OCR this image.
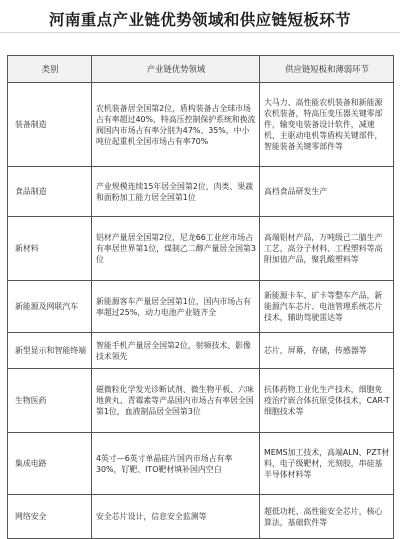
河南重点产业链优势领域和供应链短板环节
类别	产业链优势领域	供应链短板和薄弱环节
装备制造	农机装备居全国第2位，盾构装备占全球市场占有率超过40%，特高压控制保护系统和换流阀国内市场占有率分别为47%、35%，中小吨位起重机全国市场占有率70%	大马力、高性能农机装备和新能源农机装备，特高压变压器关键零部件，输变电装备设计软件，减速机、主驱动电机等盾构关键部件，智能装备关键零部件等
食品制造	产业规模连续15年居全国第2位，肉类、果蔬和面粉加工能力居全国第1位	高档食品研发生产
新材料	铝材产量居全国第2位，尼龙66工业丝市场占有率居世界第1位，煤制乙二醇产量居全国第3位	高端铝材产品，万吨级己二腈生产工艺，高分子材料、工程塑料等高附加值产品，聚乳酸塑料等
新能源及网联汽车	新能源客车产量居全国第1位，国内市场占有率超过25%，动力电池产业链齐全	新能源卡车、矿卡等整车产品，新能源汽车芯片、电池管理系统芯片技术，辅助驾驶雷达等
新型显示和智能终端	智能手机产量居全国第2位，射频技术、影像技术领先	芯片，屏幕，存储，传感器等
生物医药	磁微粒化学发光诊断试剂、微生物平板、六味地黄丸、青霉素等产品国内市场占有率居全国第1位，血液制品居全国第3位	抗体药物工业化生产技术，细胞免疫治疗嵌合体抗原受体技术，CAR-T细胞技术等
集成电路	4英寸—6英寸单晶硅片国内市场占有率30%，钌靶、ITO靶材填补国内空白	MEMS加工技术，高端ALN、PZT材料，电子级靶材，光刻胶，串硅基半导体材料等
网络安全	安全芯片设计，信息安全监测等	超低功耗、高性能安全芯片，核心算法，基础软件等
